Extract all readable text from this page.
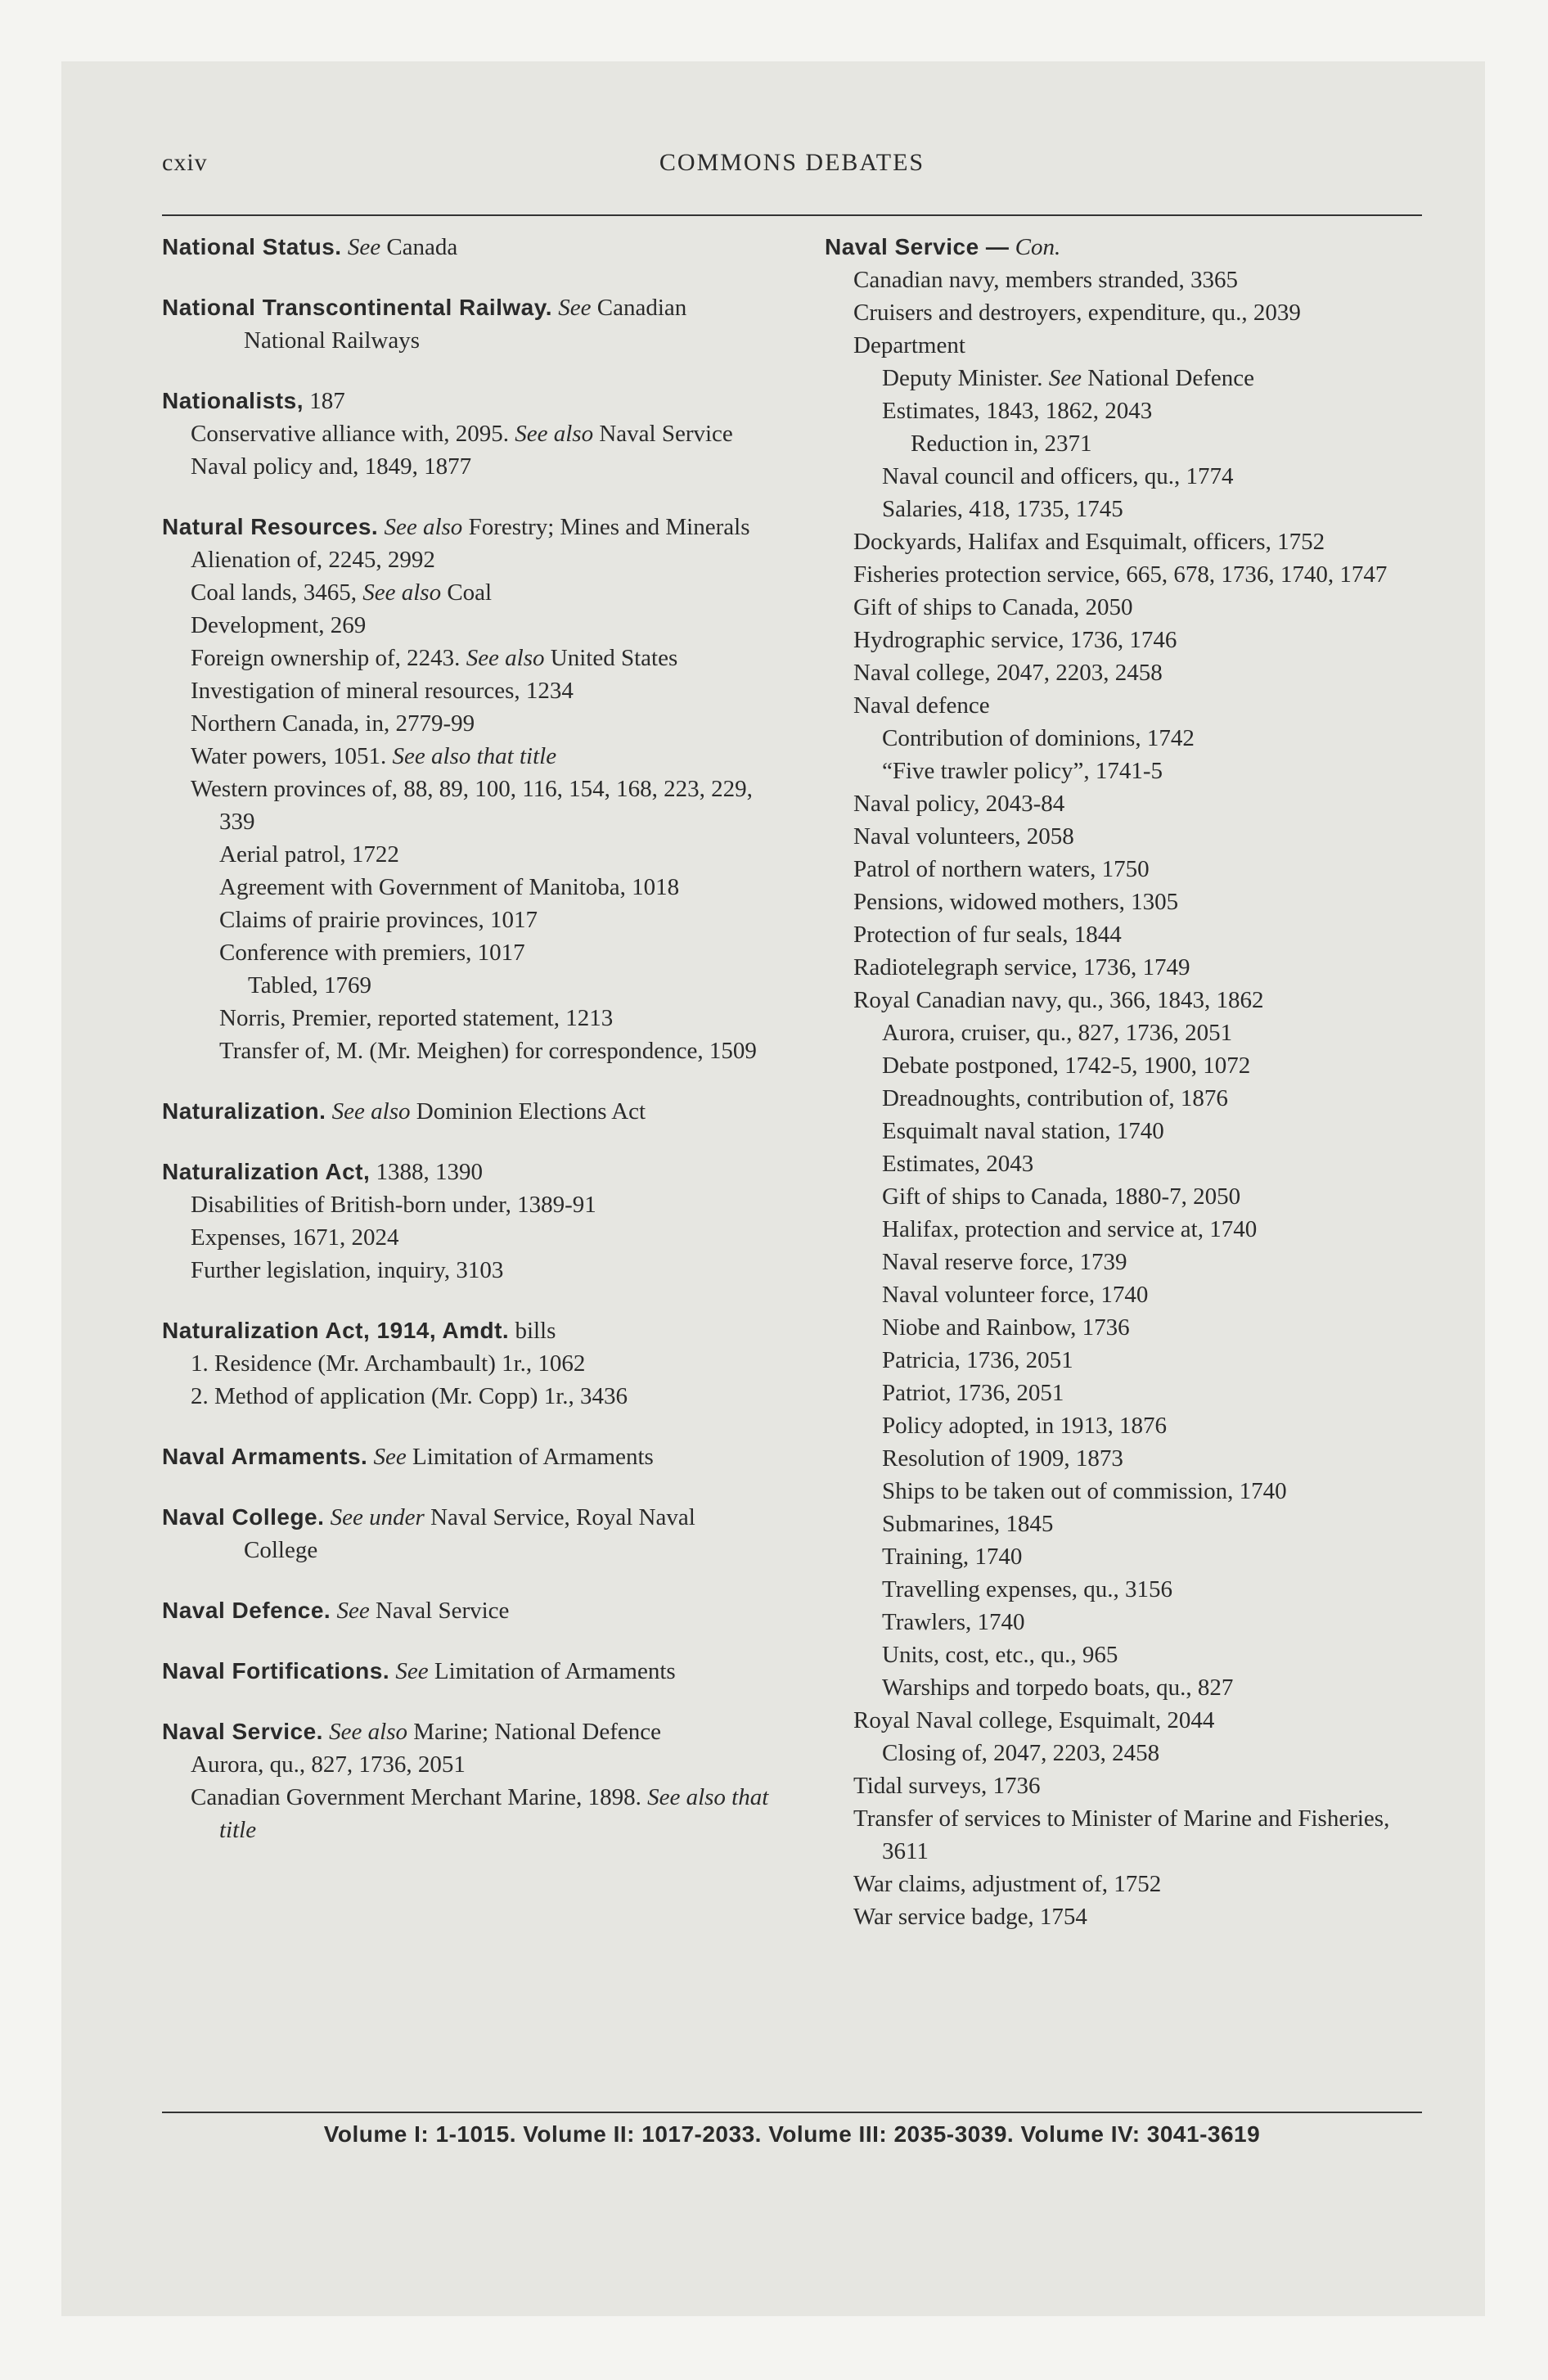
cxiv	COMMONS DEBATES
National Status. See Canada
National Transcontinental Railway. See Canadian National Railways
Nationalists, 187
Conservative alliance with, 2095. See also Naval Service
Naval policy and, 1849, 1877
Natural Resources. See also Forestry; Mines and Minerals
Alienation of, 2245, 2992
Coal lands, 3465, See also Coal
Development, 269
Foreign ownership of, 2243. See also United States
Investigation of mineral resources, 1234
Northern Canada, in, 2779-99
Water powers, 1051. See also that title
Western provinces of, 88, 89, 100, 116, 154, 168, 223, 229, 339
Aerial patrol, 1722
Agreement with Government of Manitoba, 1018
Claims of prairie provinces, 1017
Conference with premiers, 1017
Tabled, 1769
Norris, Premier, reported statement, 1213
Transfer of, M. (Mr. Meighen) for correspondence, 1509
Naturalization. See also Dominion Elections Act
Naturalization Act, 1388, 1390
Disabilities of British-born under, 1389-91
Expenses, 1671, 2024
Further legislation, inquiry, 3103
Naturalization Act, 1914, Amdt. bills
1. Residence (Mr. Archambault) 1r., 1062
2. Method of application (Mr. Copp) 1r., 3436
Naval Armaments. See Limitation of Armaments
Naval College. See under Naval Service, Royal Naval College
Naval Defence. See Naval Service
Naval Fortifications. See Limitation of Armaments
Naval Service. See also Marine; National Defence
Aurora, qu., 827, 1736, 2051
Canadian Government Merchant Marine, 1898. See also that title
Naval Service — Con.
Canadian navy, members stranded, 3365
Cruisers and destroyers, expenditure, qu., 2039
Department
Deputy Minister. See National Defence
Estimates, 1843, 1862, 2043
Reduction in, 2371
Naval council and officers, qu., 1774
Salaries, 418, 1735, 1745
Dockyards, Halifax and Esquimalt, officers, 1752
Fisheries protection service, 665, 678, 1736, 1740, 1747
Gift of ships to Canada, 2050
Hydrographic service, 1736, 1746
Naval college, 2047, 2203, 2458
Naval defence
Contribution of dominions, 1742
“Five trawler policy”, 1741-5
Naval policy, 2043-84
Naval volunteers, 2058
Patrol of northern waters, 1750
Pensions, widowed mothers, 1305
Protection of fur seals, 1844
Radiotelegraph service, 1736, 1749
Royal Canadian navy, qu., 366, 1843, 1862
Aurora, cruiser, qu., 827, 1736, 2051
Debate postponed, 1742-5, 1900, 1072
Dreadnoughts, contribution of, 1876
Esquimalt naval station, 1740
Estimates, 2043
Gift of ships to Canada, 1880-7, 2050
Halifax, protection and service at, 1740
Naval reserve force, 1739
Naval volunteer force, 1740
Niobe and Rainbow, 1736
Patricia, 1736, 2051
Patriot, 1736, 2051
Policy adopted, in 1913, 1876
Resolution of 1909, 1873
Ships to be taken out of commission, 1740
Submarines, 1845
Training, 1740
Travelling expenses, qu., 3156
Trawlers, 1740
Units, cost, etc., qu., 965
Warships and torpedo boats, qu., 827
Royal Naval college, Esquimalt, 2044
Closing of, 2047, 2203, 2458
Tidal surveys, 1736
Transfer of services to Minister of Marine and Fisheries, 3611
War claims, adjustment of, 1752
War service badge, 1754
Volume I: 1-1015. Volume II: 1017-2033. Volume III: 2035-3039. Volume IV: 3041-3619
